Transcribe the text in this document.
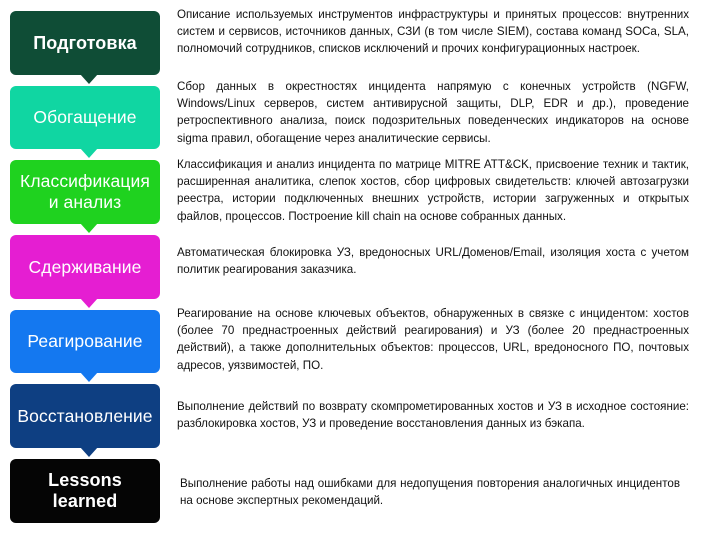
Подготовка

Описание используемых инструментов инфраструктуры и принятых процессов: внутренних систем и сервисов, источников данных, СЗИ (в том числе SIEM), состава команд SOCа, SLA, полномочий сотрудников, списков исключений и прочих конфигурационных настроек.

Обогащение

Сбор данных в окрестностях инцидента напрямую с конечных устройств (NGFW, Windows/Linux серверов, систем антивирусной защиты, DLP, EDR и др.), проведение ретроспективного анализа, поиск подозрительных поведенческих индикаторов на основе sigma правил, обогащение через аналитические сервисы.

Классификация
и анализ

Классификация и анализ инцидента по матрице MITRE ATT&CK, присвоение техник и тактик, расширенная аналитика, слепок хостов, сбор цифровых свидетельств: ключей автозагрузки реестра, истории подключенных внешних устройств, истории загруженных и открытых файлов, процессов. Построение kill chain на основе собранных данных.

Сдерживание

Автоматическая блокировка УЗ, вредоносных URL/Доменов/Email, изоляция хоста с учетом политик реагирования заказчика.

Реагирование

Реагирование на основе ключевых объектов, обнаруженных в связке с инцидентом: хостов (более 70 преднастроенных действий реагирования) и УЗ (более 20 преднастроенных действий), а также дополнительных объектов: процессов, URL, вредоносного ПО, почтовых адресов, уязвимостей, ПО.

Восстановление Выполнение действий по возврату скомпрометированных хостов и УЗ в исходное состояние: разблокировка хостов, УЗ и проведение восстановления данных из бэкапа.

Lessons
learned

Выполнение работы над ошибками для недопущения повторения аналогичных инцидентов на основе экспертных рекомендаций.
